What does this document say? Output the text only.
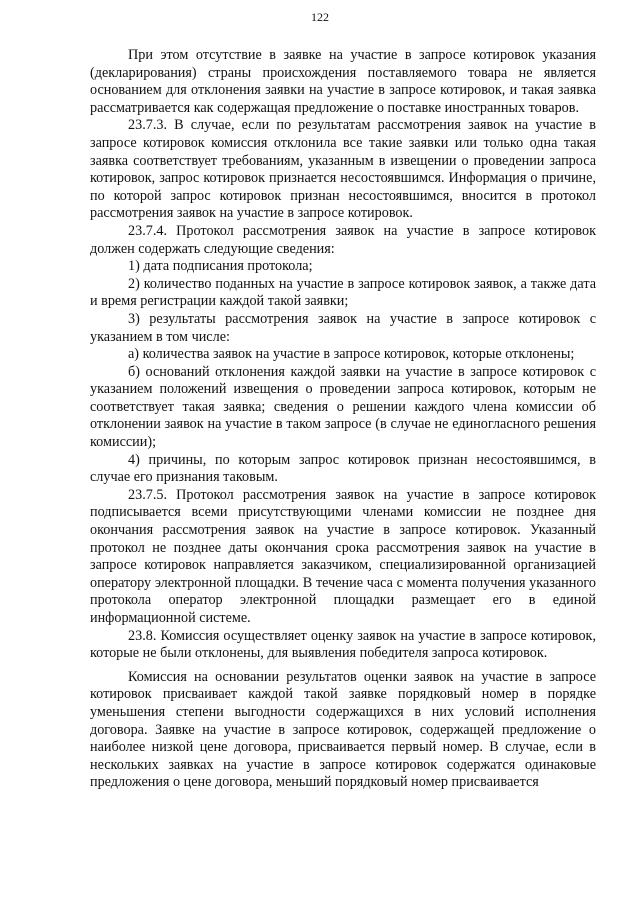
122

При этом отсутствие в заявке на участие в запросе котировок указания (декларирования) страны происхождения поставляемого товара не является основанием для отклонения заявки на участие в запросе котировок, и такая заявка рассматривается как содержащая предложение о поставке иностранных товаров.

23.7.3. В случае, если по результатам рассмотрения заявок на участие в запросе котировок комиссия отклонила все такие заявки или только одна такая заявка соответствует требованиям, указанным в извещении о проведении запроса котировок, запрос котировок признается несостоявшимся. Информация о причине, по которой запрос котировок признан несостоявшимся, вносится в протокол рассмотрения заявок на участие в запросе котировок.

23.7.4. Протокол рассмотрения заявок на участие в запросе котировок должен содержать следующие сведения:

1) дата подписания протокола;

2) количество поданных на участие в запросе котировок заявок, а также дата и время регистрации каждой такой заявки;

3) результаты рассмотрения заявок на участие в запросе котировок с указанием в том числе:

а) количества заявок на участие в запросе котировок, которые отклонены;

б) оснований отклонения каждой заявки на участие в запросе котировок с указанием положений извещения о проведении запроса котировок, которым не соответствует такая заявка; сведения о решении каждого члена комиссии об отклонении заявок на участие в таком запросе (в случае не единогласного решения комиссии);

4) причины, по которым запрос котировок признан несостоявшимся, в случае его признания таковым.

23.7.5. Протокол рассмотрения заявок на участие в запросе котировок подписывается всеми присутствующими членами комиссии не позднее дня окончания рассмотрения заявок на участие в запросе котировок. Указанный протокол не позднее даты окончания срока рассмотрения заявок на участие в запросе котировок направляется заказчиком, специализированной организацией оператору электронной площадки. В течение часа с момента получения указанного протокола оператор электронной площадки размещает его в единой информационной системе.

23.8. Комиссия осуществляет оценку заявок на участие в запросе котировок, которые не были отклонены, для выявления победителя запроса котировок.

Комиссия на основании результатов оценки заявок на участие в запросе котировок присваивает каждой такой заявке порядковый номер в порядке уменьшения степени выгодности содержащихся в них условий исполнения договора. Заявке на участие в запросе котировок, содержащей предложение о наиболее низкой цене договора, присваивается первый номер. В случае, если в нескольких заявках на участие в запросе котировок содержатся одинаковые предложения о цене договора, меньший порядковый номер присваивается
